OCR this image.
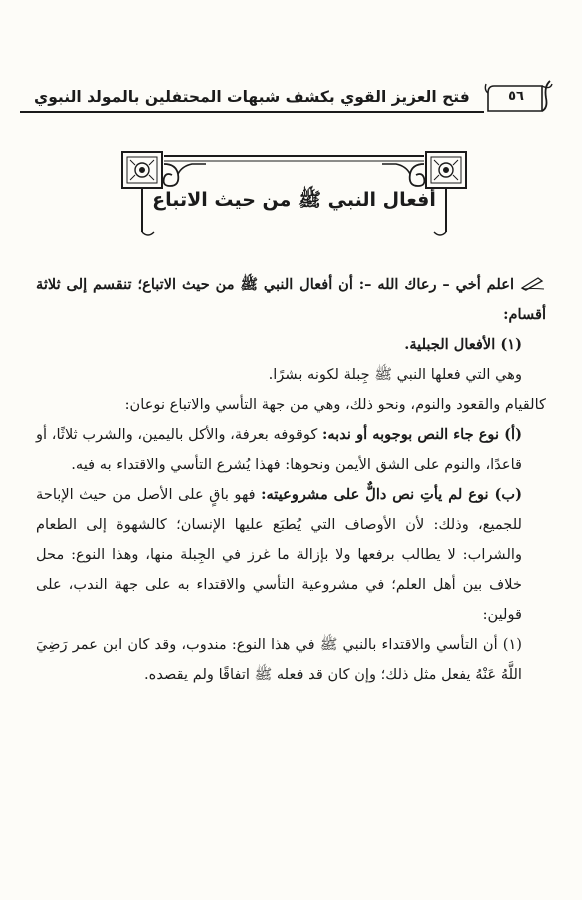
فتح العزيز القوي بكشف شبهات المحتفلين بالمولد النبوي	٥٦
أفعال النبي ﷺ من حيث الاتباع

اعلم أخي – رعاك الله –: أن أفعال النبي ﷺ من حيث الاتباع؛ تنقسم إلى ثلاثة أقسام:

(١) الأفعال الجبلية.

وهي التي فعلها النبي ﷺ جِبلة لكونه بشرًا.

كالقيام والقعود والنوم، ونحو ذلك، وهي من جهة التأسي والاتباع نوعان:

(أ) نوع جاء النص بوجوبه أو ندبه: كوقوفه بعرفة، والأكل باليمين، والشرب ثلاثًا، أو قاعدًا، والنوم على الشق الأيمن ونحوها: فهذا يُشرع التأسي والاقتداء به فيه.

(ب) نوع لم يأتِ نص دالٌّ على مشروعيته: فهو باقٍ على الأصل من حيث الإباحة للجميع، وذلك: لأن الأوصاف التي يُطبَع عليها الإنسان؛ كالشهوة إلى الطعام والشراب: لا يطالب برفعها ولا بإزالة ما غرز في الجِبلة منها، وهذا النوع: محل خلاف بين أهل العلم؛ في مشروعية التأسي والاقتداء به على جهة الندب، على قولين:

(١) أن التأسي والاقتداء بالنبي ﷺ في هذا النوع: مندوب، وقد كان ابن عمر رَضِيَ اللَّهُ عَنْهُ يفعل مثل ذلك؛ وإن كان قد فعله ﷺ اتفاقًا ولم يقصده.
